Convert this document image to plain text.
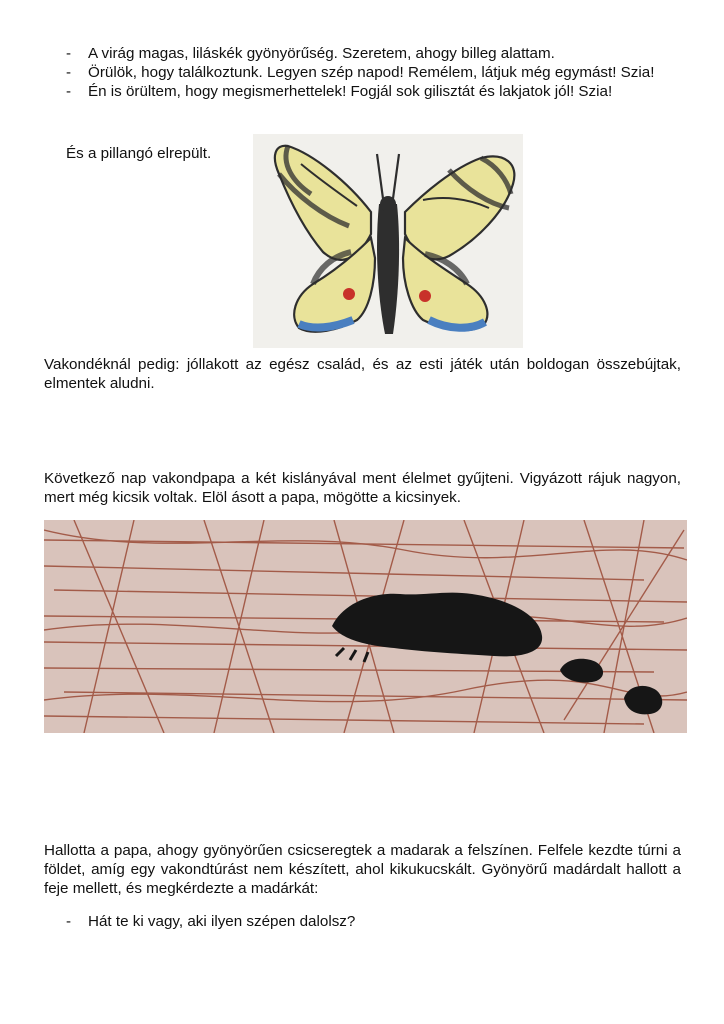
- A virág magas, liláskék gyönyörűség. Szeretem, ahogy billeg alattam.
- Örülök, hogy találkoztunk. Legyen szép napod! Remélem, látjuk még egymást! Szia!
- Én is örültem, hogy megismerhettelek! Fogjál sok gilisztát és lakjatok jól! Szia!
És a pillangó elrepült.
Vakondéknál pedig: jóllakott az egész család, és az esti játék után boldogan összebújtak, elmentek aludni.
Következő nap vakondpapa a két kislányával ment élelmet gyűjteni. Vigyázott rájuk nagyon, mert még kicsik voltak. Elöl ásott a papa, mögötte a kicsinyek.
Hallotta a papa, ahogy gyönyörűen csicseregtek a madarak a felszínen. Felfele kezdte túrni a földet, amíg egy vakondtúrást nem készített, ahol kikukucskált. Gyönyörű madárdalt hallott a feje mellett, és megkérdezte a madárkát:
- Hát te ki vagy, aki ilyen szépen dalolsz?
